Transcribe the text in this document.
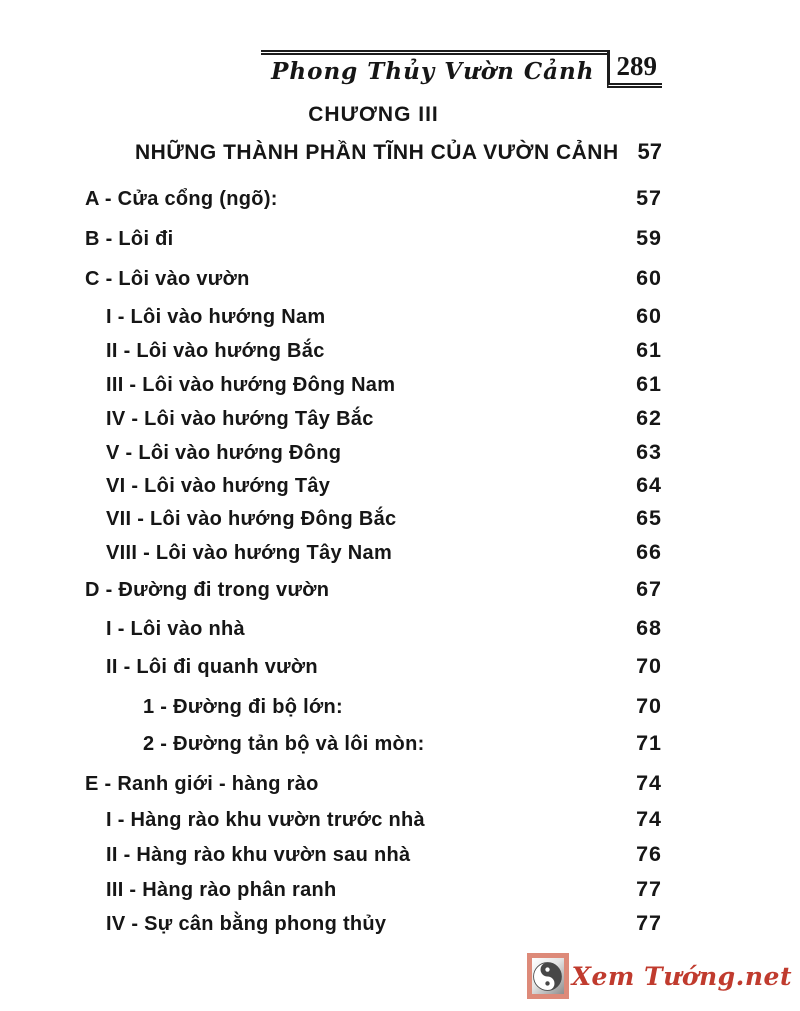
Phong Thủy Vườn Cảnh 289
CHƯƠNG III
NHỮNG THÀNH PHẦN TĨNH CỦA VƯỜN CẢNH 57
A - Cửa cổng (ngõ):	57
B - Lôi đi	59
C - Lôi vào vườn	60
I - Lôi vào hướng Nam	60
II - Lôi vào hướng Bắc	61
III - Lôi vào hướng Đông Nam	61
IV - Lôi vào hướng Tây Bắc	62
V - Lôi vào hướng Đông	63
VI - Lôi vào hướng Tây	64
VII - Lôi vào hướng Đông Bắc	65
VIII - Lôi vào hướng Tây Nam	66
D - Đường đi trong vườn	67
I - Lôi vào nhà	68
II - Lôi đi quanh vườn	70
1 - Đường đi bộ lớn:	70
2 - Đường tản bộ và lôi mòn:	71
E - Ranh giới - hàng rào	74
I - Hàng rào khu vườn trước nhà	74
II - Hàng rào khu vườn sau nhà	76
III - Hàng rào phân ranh	77
IV - Sự cân bằng phong thủy	77
Xem Tướng.net
